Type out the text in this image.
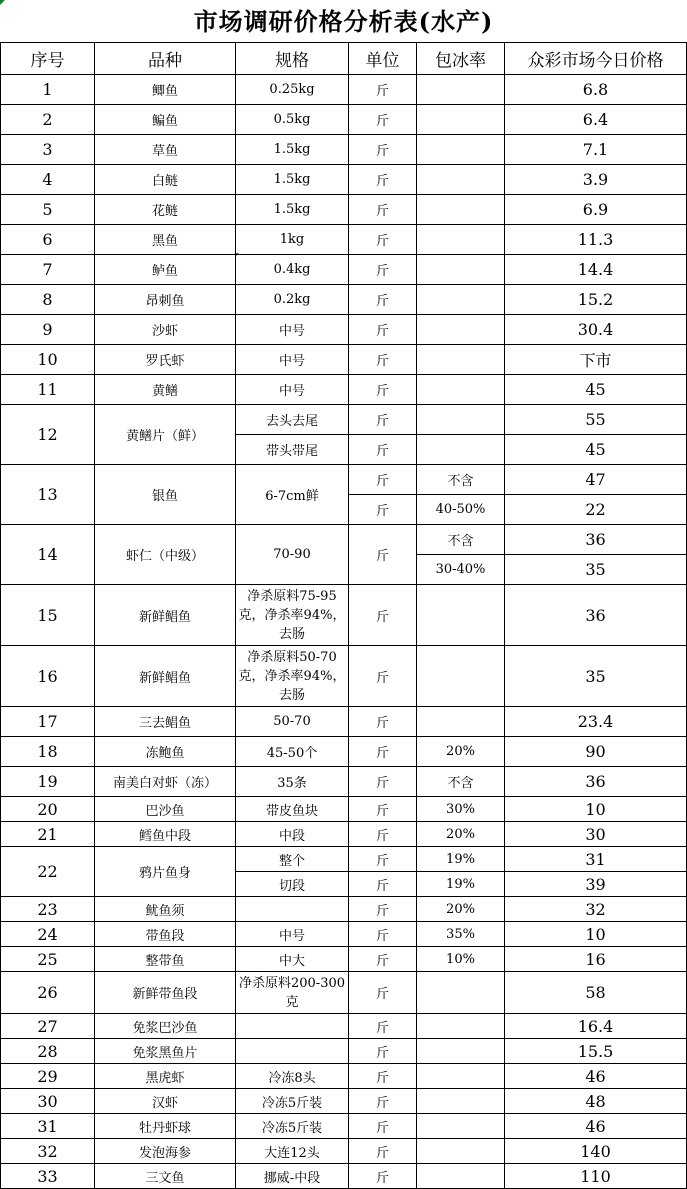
市场调研价格分析表(水产)
序号	品种	规格	单位	包冰率	众彩市场今日价格
1	鲫鱼	0.25kg	斤		6.8
2	鳊鱼	0.5kg	斤		6.4
3	草鱼	1.5kg	斤		7.1
4	白鲢	1.5kg	斤		3.9
5	花鲢	1.5kg	斤		6.9
6	黑鱼	1kg	斤		11.3
7	鲈鱼	0.4kg	斤		14.4
8	昂刺鱼	0.2kg	斤		15.2
9	沙虾	中号	斤		30.4
10	罗氏虾	中号	斤		下市
11	黄鳝	中号	斤		45
12	黄鳝片（鲜）	去头去尾	斤		55
		带头带尾	斤		45
13	银鱼	6-7cm鲜	斤	不含	47
			斤	40-50%	22
14	虾仁（中级）	70-90	斤	不含	36
				30-40%	35
15	新鲜鲳鱼	净杀原料75-95克，净杀率94%，去肠	斤		36
16	新鲜鲳鱼	净杀原料50-70克，净杀率94%，去肠	斤		35
17	三去鲳鱼	50-70	斤		23.4
18	冻鲍鱼	45-50个	斤	20%	90
19	南美白对虾（冻）	35条	斤	不含	36
20	巴沙鱼	带皮鱼块	斤	30%	10
21	鳕鱼中段	中段	斤	20%	30
22	鸦片鱼身	整个	斤	19%	31
		切段	斤	19%	39
23	鱿鱼须		斤	20%	32
24	带鱼段	中号	斤	35%	10
25	整带鱼	中大	斤	10%	16
26	新鲜带鱼段	净杀原料200-300克	斤		58
27	免浆巴沙鱼		斤		16.4
28	免浆黑鱼片		斤		15.5
29	黑虎虾	冷冻8头	斤		46
30	汉虾	冷冻5斤装	斤		48
31	牡丹虾球	冷冻5斤装	斤		46
32	发泡海参	大连12头	斤		140
33	三文鱼	挪威-中段	斤		110
